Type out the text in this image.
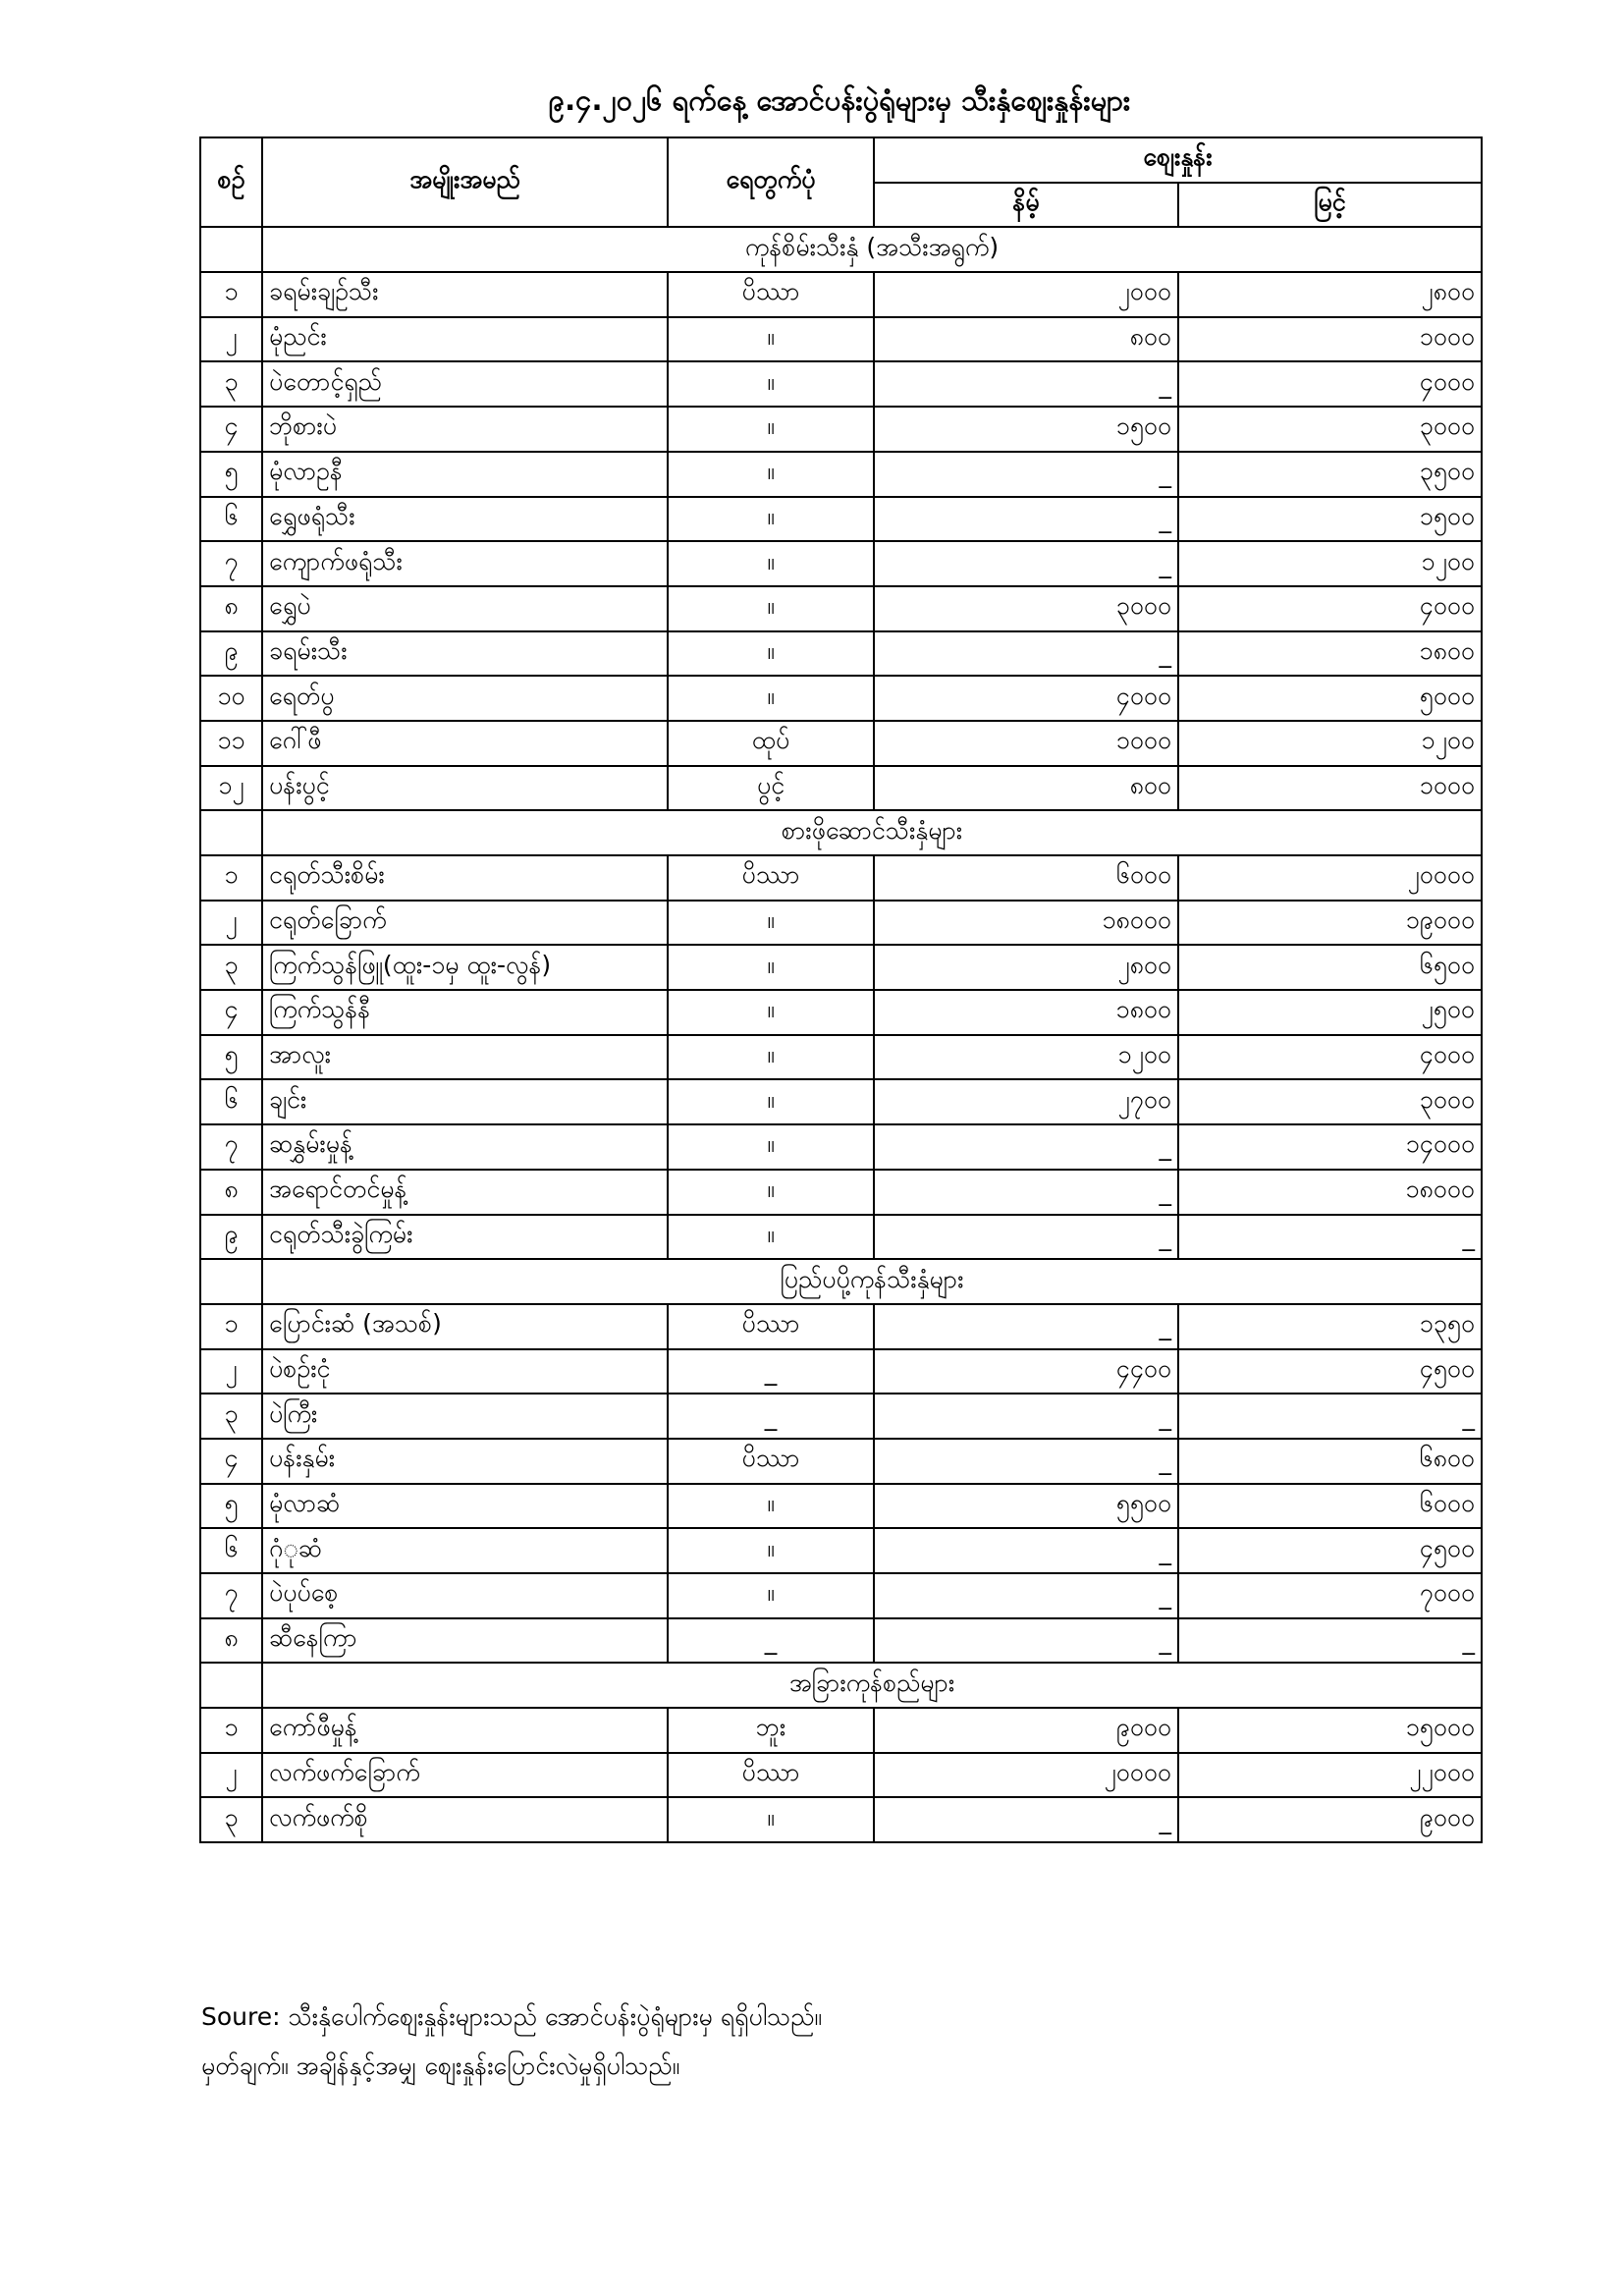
၉.၄.၂၀၂၆ ရက်နေ့ အောင်ပန်းပွဲရုံများမှ သီးနှံစျေးနှုန်းများ
စဉ်	အမျိုးအမည်	ရေတွက်ပုံ	စျေးနှုန်း	
			နိမ့်	မြင့်
	ကုန်စိမ်းသီးနှံ (အသီးအရွက်)			
၁	ခရမ်းချဉ်သီး	ပိဿာ	၂၀၀၀	၂၈၀၀
၂	မုံညင်း	။	၈၀၀	၁၀၀၀
၃	ပဲတောင့်ရှည်	။	_	၄၀၀၀
၄	ဘိုစားပဲ	။	၁၅၀၀	၃၀၀၀
၅	မုံလာဥနီ	။	_	၃၅၀၀
၆	ရွှေဖရုံသီး	။	_	၁၅၀၀
၇	ကျောက်ဖရုံသီး	။	_	၁၂၀၀
၈	ရွှေပဲ	။	၃၀၀၀	၄၀၀၀
၉	ခရမ်းသီး	။	_	၁၈၀၀
၁၀	ရေတ်ပွ	။	၄၀၀၀	၅၀၀၀
၁၁	ဂေါ်ဖီ	ထုပ်	၁၀၀၀	၁၂၀၀
၁၂	ပန်းပွင့်	ပွင့်	၈၀၀	၁၀၀၀
	စားဖိုဆောင်သီးနှံများ			
၁	ငရုတ်သီးစိမ်း	ပိဿာ	၆၀၀၀	၂၀၀၀၀
၂	ငရုတ်ခြောက်	။	၁၈၀၀၀	၁၉၀၀၀
၃	ကြက်သွန်ဖြူ(ထူး-၁မှ ထူး-လွန်)	။	၂၈၀၀	၆၅၀၀
၄	ကြက်သွန်နီ	။	၁၈၀၀	၂၅၀၀
၅	အာလူး	။	၁၂၀၀	၄၀၀၀
၆	ချင်း	။	၂၇၀၀	၃၀၀၀
၇	ဆနွှမ်းမှုန့်	။	_	၁၄၀၀၀
၈	အရောင်တင်မှုန့်	။	_	၁၈၀၀၀
၉	ငရုတ်သီးခွဲကြမ်း	။	_	_
	ပြည်ပပို့ကုန်သီးနှံများ			
၁	ပြောင်းဆံ (အသစ်)	ပိဿာ	_	၁၃၅၀
၂	ပဲစဉ်းငုံ	_	၄၄၀၀	၄၅၀၀
၃	ပဲကြီး	_	_	_
၄	ပန်းနှမ်း	ပိဿာ	_	၆၈၀၀
၅	မုံလာဆံ	။	၅၅၀၀	၆၀၀၀
၆	ဂုံုဆံ	။	_	၄၅၀၀
၇	ပဲပုပ်စေ့	။	_	၇၀၀၀
၈	ဆီနေကြာ	_	_	_
	အခြားကုန်စည်များ			
၁	ကော်ဖီမှုန့်	ဘူး	၉၀၀၀	၁၅၀၀၀
၂	လက်ဖက်ခြောက်	ပိဿာ	၂၀၀၀၀	၂၂၀၀၀
၃	လက်ဖက်စို	။	_	၉၀၀၀
Soure: သီးနှံပေါက်စျေးနှုန်းများသည် အောင်ပန်းပွဲရုံများမှ ရရှိပါသည်။
မှတ်ချက်။ အချိန်နှင့်အမျှ စျေးနှုန်းပြောင်းလဲမှုရှိပါသည်။
